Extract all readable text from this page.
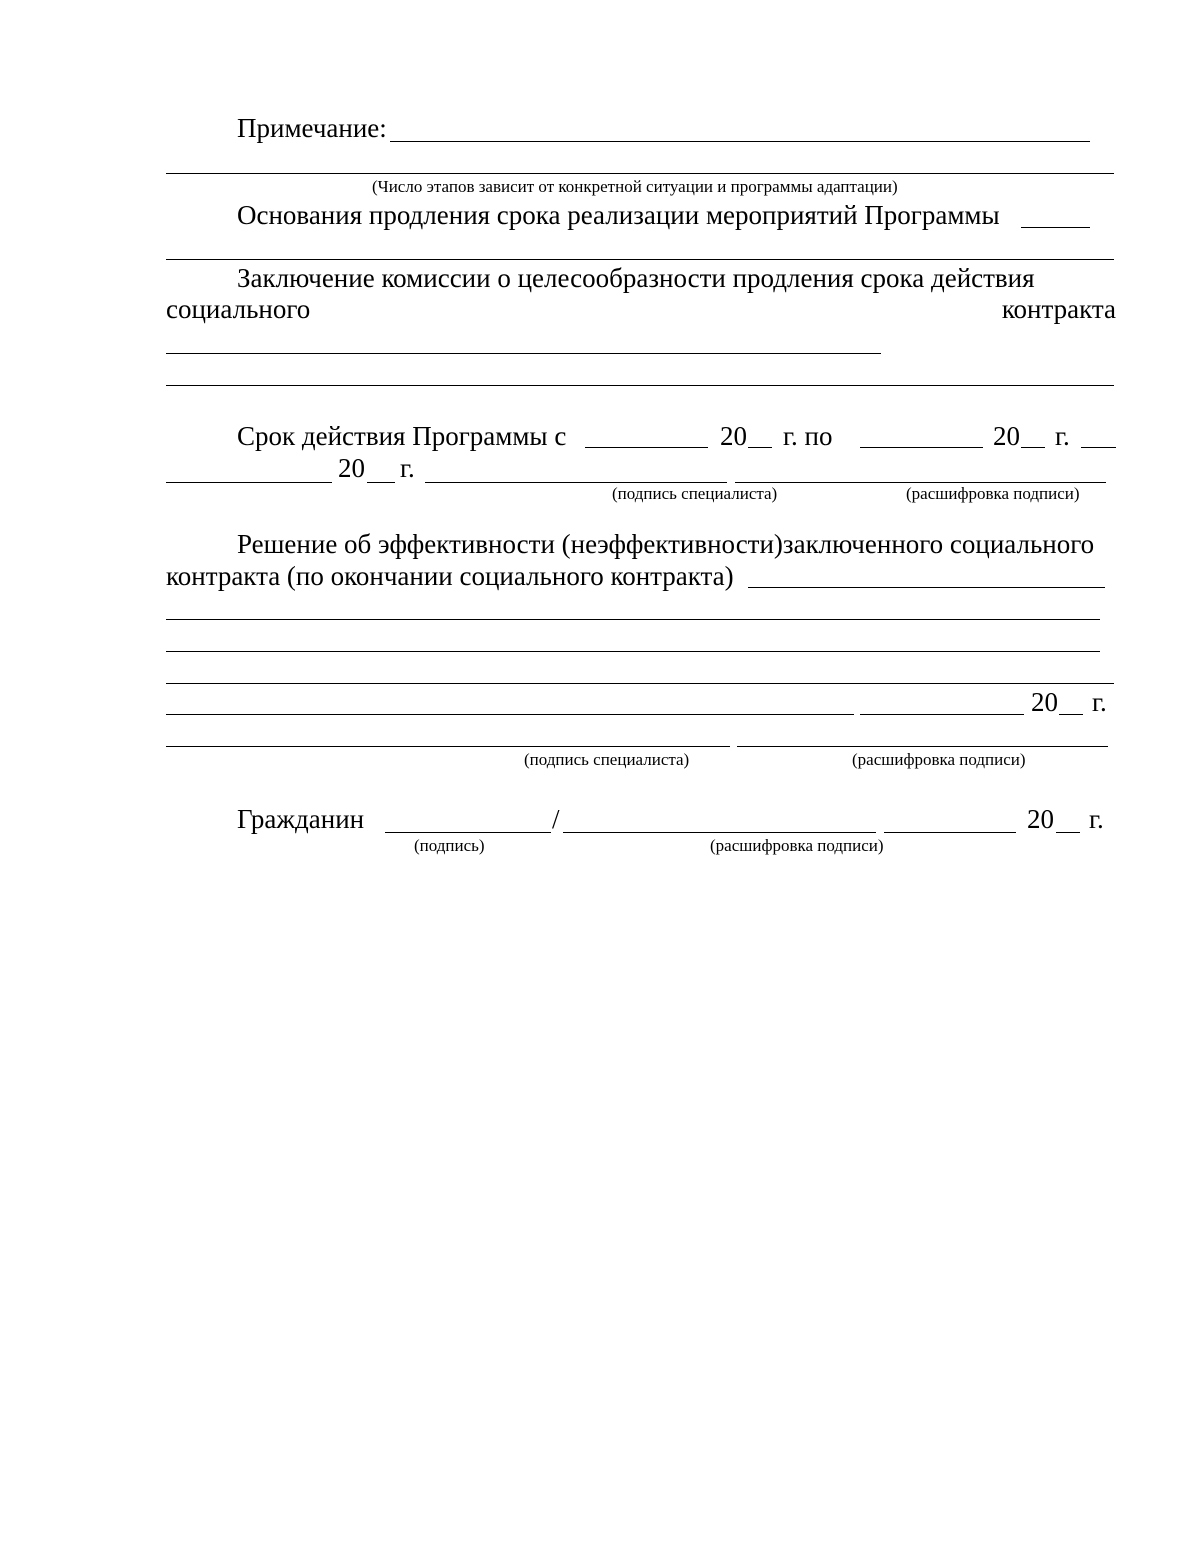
Примечание:
(Число этапов зависит от конкретной ситуации и программы адаптации)
Основания продления срока реализации мероприятий Программы
Заключение комиссии о целесообразности продления срока действия
социального	контракта
Срок действия Программы с	20 г. по	20 г.
20 г.
(подпись специалиста)	(расшифровка подписи)
Решение об эффективности (неэффективности)заключенного социального
контракта (по окончании социального контракта)
20 г.
(подпись специалиста)	(расшифровка подписи)
Гражданин	/	20 г.
(подпись)	(расшифровка подписи)
